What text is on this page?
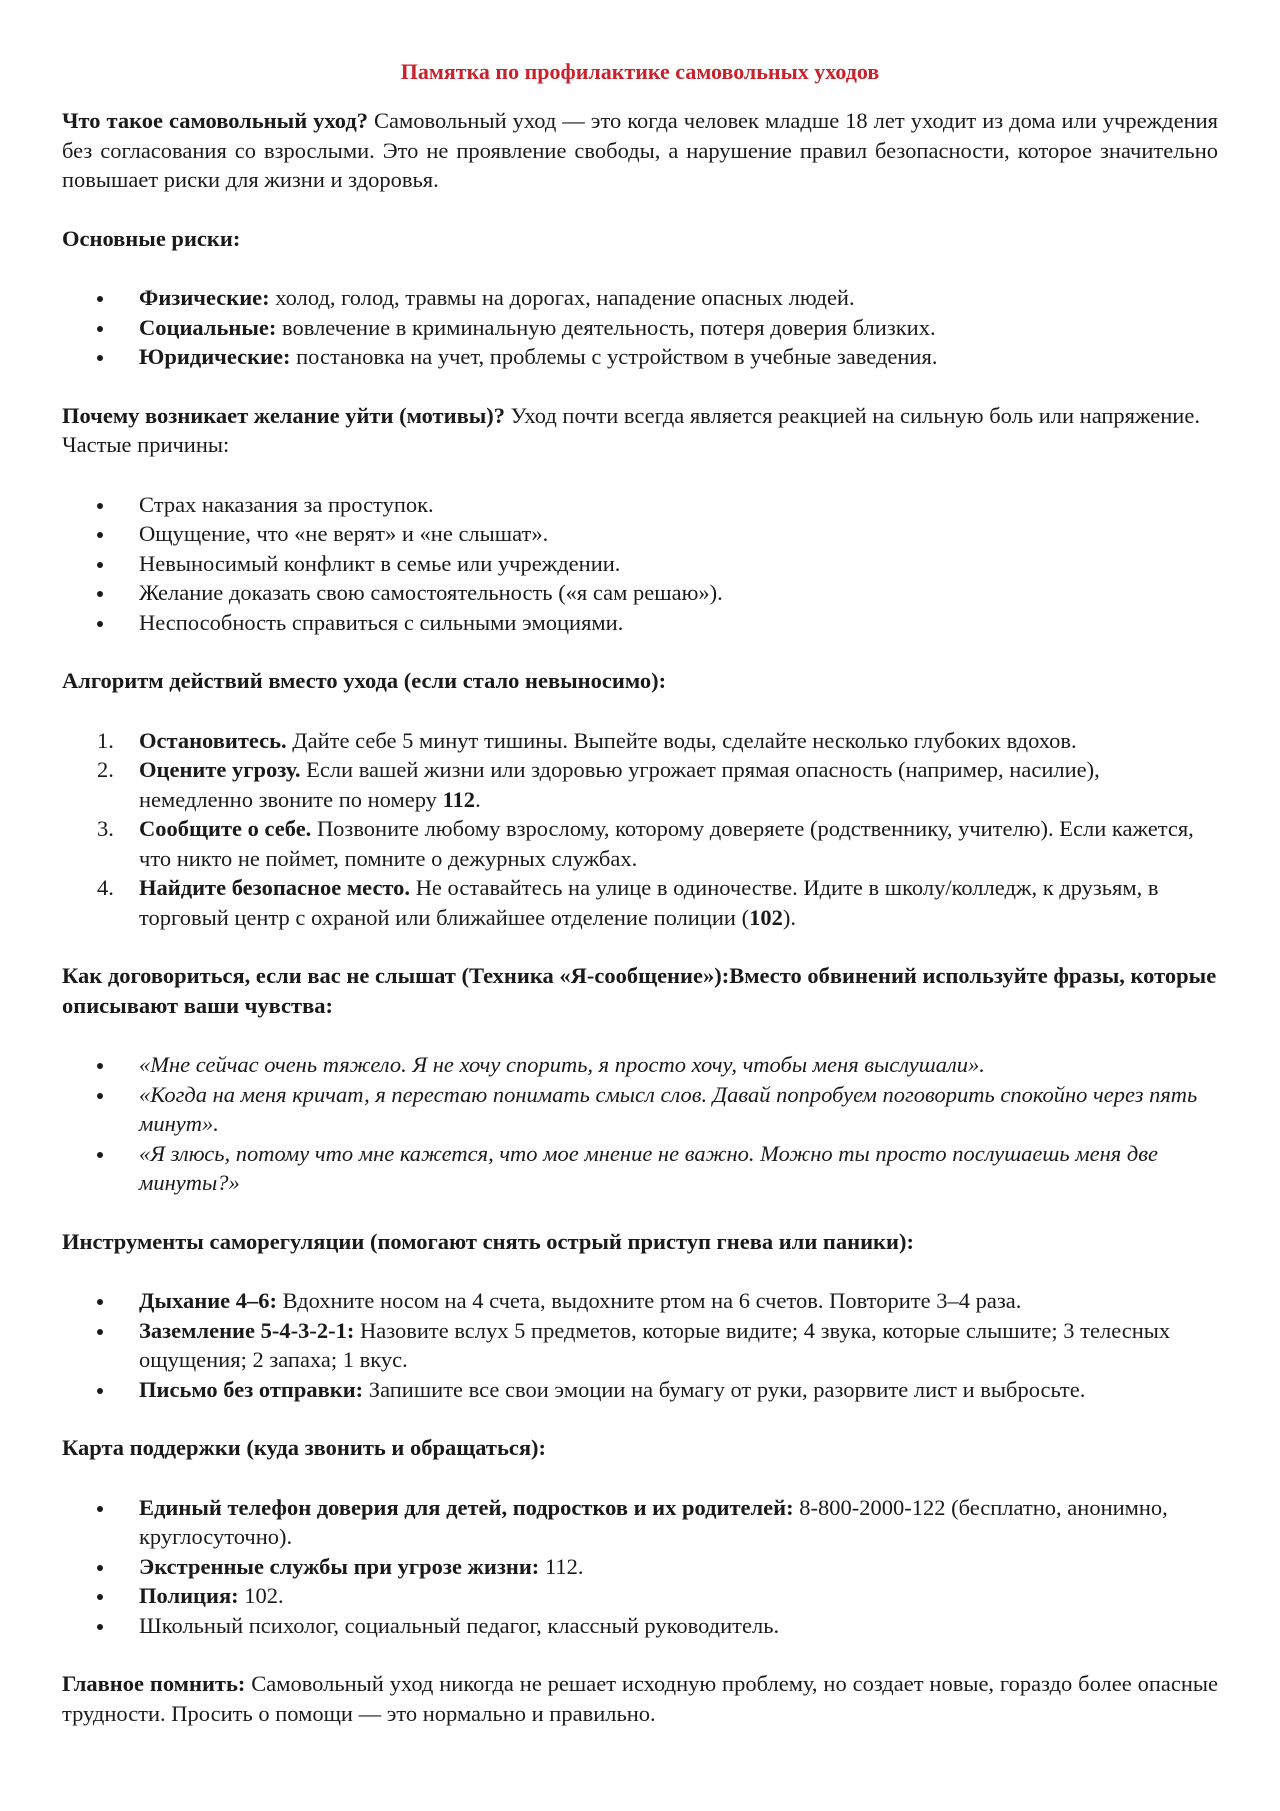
Памятка по профилактике самовольных уходов

Что такое самовольный уход? Самовольный уход — это когда человек младше 18 лет уходит из дома или учреждения без согласования со взрослыми. Это не проявление свободы, а нарушение правил безопасности, которое значительно повышает риски для жизни и здоровья.

Основные риски:

Физические: холод, голод, травмы на дорогах, нападение опасных людей.
Социальные: вовлечение в криминальную деятельность, потеря доверия близких.
Юридические: постановка на учет, проблемы с устройством в учебные заведения.

Почему возникает желание уйти (мотивы)? Уход почти всегда является реакцией на сильную боль или напряжение. Частые причины:

Страх наказания за проступок.
Ощущение, что «не верят» и «не слышат».
Невыносимый конфликт в семье или учреждении.
Желание доказать свою самостоятельность («я сам решаю»).
Неспособность справиться с сильными эмоциями.

Алгоритм действий вместо ухода (если стало невыносимо):

1.	Остановитесь. Дайте себе 5 минут тишины. Выпейте воды, сделайте несколько глубоких вдохов.
2.	Оцените угрозу. Если вашей жизни или здоровью угрожает прямая опасность (например, насилие), немедленно звоните по номеру 112.
3.	Сообщите о себе. Позвоните любому взрослому, которому доверяете (родственнику, учителю). Если кажется, что никто не поймет, помните о дежурных службах.
4.	Найдите безопасное место. Не оставайтесь на улице в одиночестве. Идите в школу/колледж, к друзьям, в торговый центр с охраной или ближайшее отделение полиции (102).

Как договориться, если вас не слышат (Техника «Я-сообщение»):Вместо обвинений используйте фразы, которые описывают ваши чувства:

«Мне сейчас очень тяжело. Я не хочу спорить, я просто хочу, чтобы меня выслушали».
«Когда на меня кричат, я перестаю понимать смысл слов. Давай попробуем поговорить спокойно через пять минут».
«Я злюсь, потому что мне кажется, что мое мнение не важно. Можно ты просто послушаешь меня две минуты?»

Инструменты саморегуляции (помогают снять острый приступ гнева или паники):

Дыхание 4–6: Вдохните носом на 4 счета, выдохните ртом на 6 счетов. Повторите 3–4 раза.
Заземление 5-4-3-2-1: Назовите вслух 5 предметов, которые видите; 4 звука, которые слышите; 3 телесных ощущения; 2 запаха; 1 вкус.
Письмо без отправки: Запишите все свои эмоции на бумагу от руки, разорвите лист и выбросьте.

Карта поддержки (куда звонить и обращаться):

Единый телефон доверия для детей, подростков и их родителей: 8-800-2000-122 (бесплатно, анонимно, круглосуточно).
Экстренные службы при угрозе жизни: 112.
Полиция: 102.
Школьный психолог, социальный педагог, классный руководитель.

Главное помнить: Самовольный уход никогда не решает исходную проблему, но создает новые, гораздо более опасные трудности. Просить о помощи — это нормально и правильно.
